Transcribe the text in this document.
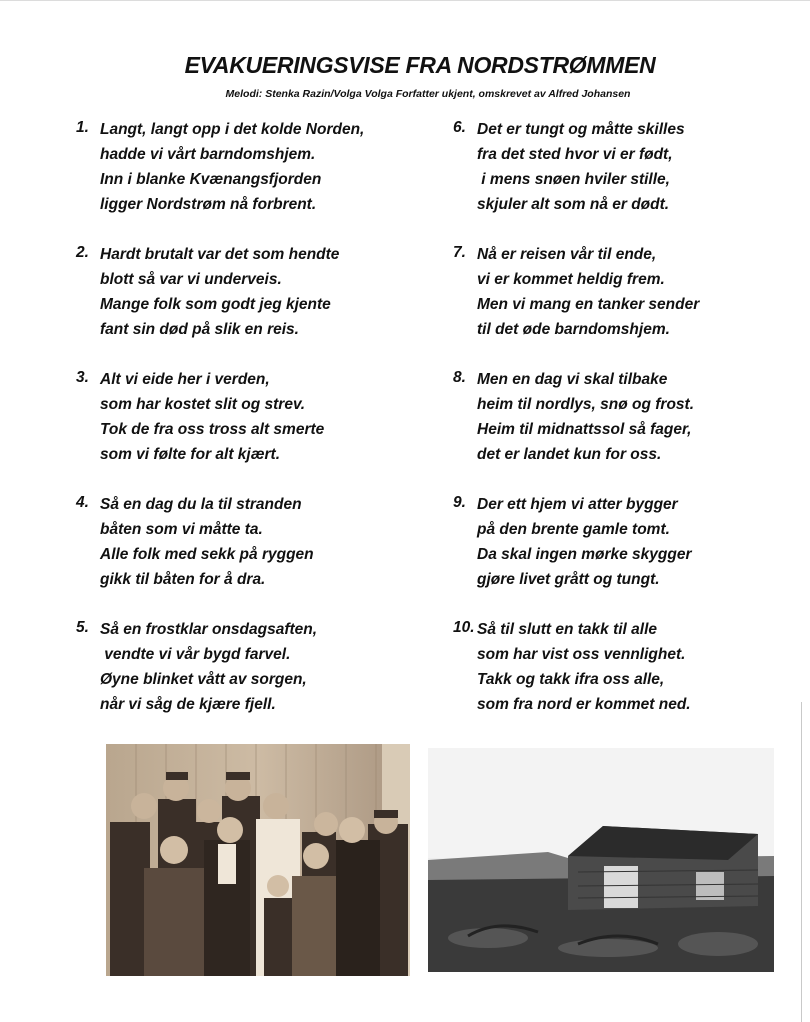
EVAKUERINGSVISE FRA NORDSTRØMMEN
Melodi: Stenka Razin/Volga Volga Forfatter ukjent, omskrevet av Alfred Johansen
1. Langt, langt opp i det kolde Norden,
hadde vi vårt barndomshjem.
Inn i blanke Kvænangsfjorden
ligger Nordstrøm nå forbrent.
2. Hardt brutalt var det som hendte
blott så var vi underveis.
Mange folk som godt jeg kjente
fant sin død på slik en reis.
3. Alt vi eide her i verden,
som har kostet slit og strev.
Tok de fra oss tross alt smerte
som vi følte for alt kjært.
4. Så en dag du la til stranden
båten som vi måtte ta.
Alle folk med sekk på ryggen
gikk til båten for å dra.
5. Så en frostklar onsdagsaften,
vendte vi vår bygd farvel.
Øyne blinket vått av sorgen,
når vi såg de kjære fjell.
6. Det er tungt og måtte skilles
fra det sted hvor vi er født,
i mens snøen hviler stille,
skjuler alt som nå er dødt.
7. Nå er reisen vår til ende,
vi er kommet heldig frem.
Men vi mang en tanker sender
til det øde barndomshjem.
8. Men en dag vi skal tilbake
heim til nordlys, snø og frost.
Heim til midnattssol så fager,
det er landet kun for oss.
9. Der ett hjem vi atter bygger
på den brente gamle tomt.
Da skal ingen mørke skygger
gjøre livet grått og tungt.
10. Så til slutt en takk til alle
som har vist oss vennlighet.
Takk og takk ifra oss alle,
som fra nord er kommet ned.
